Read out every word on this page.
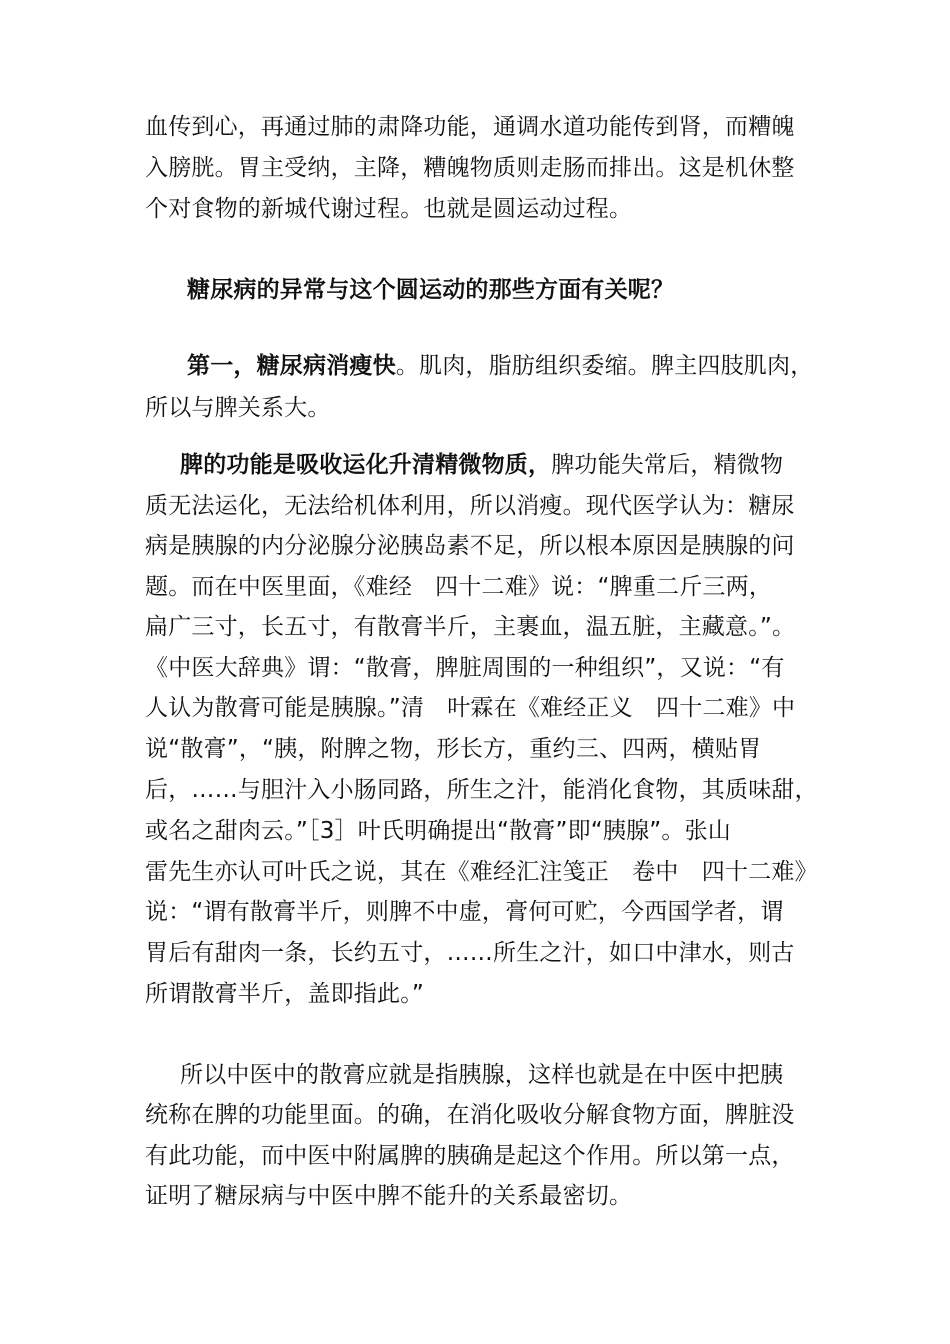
血传到心，再通过肺的肃降功能，通调水道功能传到肾，而糟魄
入膀胱。胃主受纳，主降，糟魄物质则走肠而排出。这是机休整
个对食物的新城代谢过程。也就是圆运动过程。
糖尿病的异常与这个圆运动的那些方面有关呢？
第一，糖尿病消瘦快。肌肉，脂肪组织委缩。脾主四肢肌肉，
所以与脾关系大。
脾的功能是吸收运化升清精微物质，脾功能失常后，精微物
质无法运化，无法给机体利用，所以消瘦。现代医学认为：糖尿
病是胰腺的内分泌腺分泌胰岛素不足，所以根本原因是胰腺的问
题。而在中医里面，《难经　四十二难》说：“脾重二斤三两，
扁广三寸，长五寸，有散膏半斤，主裹血，温五脏，主藏意。”。
《中医大辞典》谓：“散膏，脾脏周围的一种组织”，又说：“有
人认为散膏可能是胰腺。”清　叶霖在《难经正义　四十二难》中
说“散膏”，“胰，附脾之物，形长方，重约三、四两，横贴胃
后，……与胆汁入小肠同路，所生之汁，能消化食物，其质味甜，
或名之甜肉云。”［3］叶氏明确提出“散膏”即“胰腺”。张山
雷先生亦认可叶氏之说，其在《难经汇注笺正　卷中　四十二难》
说：“谓有散膏半斤，则脾不中虚，膏何可贮，今西国学者，谓
胃后有甜肉一条，长约五寸，……所生之汁，如口中津水，则古
所谓散膏半斤，盖即指此。”
所以中医中的散膏应就是指胰腺，这样也就是在中医中把胰
统称在脾的功能里面。的确，在消化吸收分解食物方面，脾脏没
有此功能，而中医中附属脾的胰确是起这个作用。所以第一点，
证明了糖尿病与中医中脾不能升的关系最密切。
